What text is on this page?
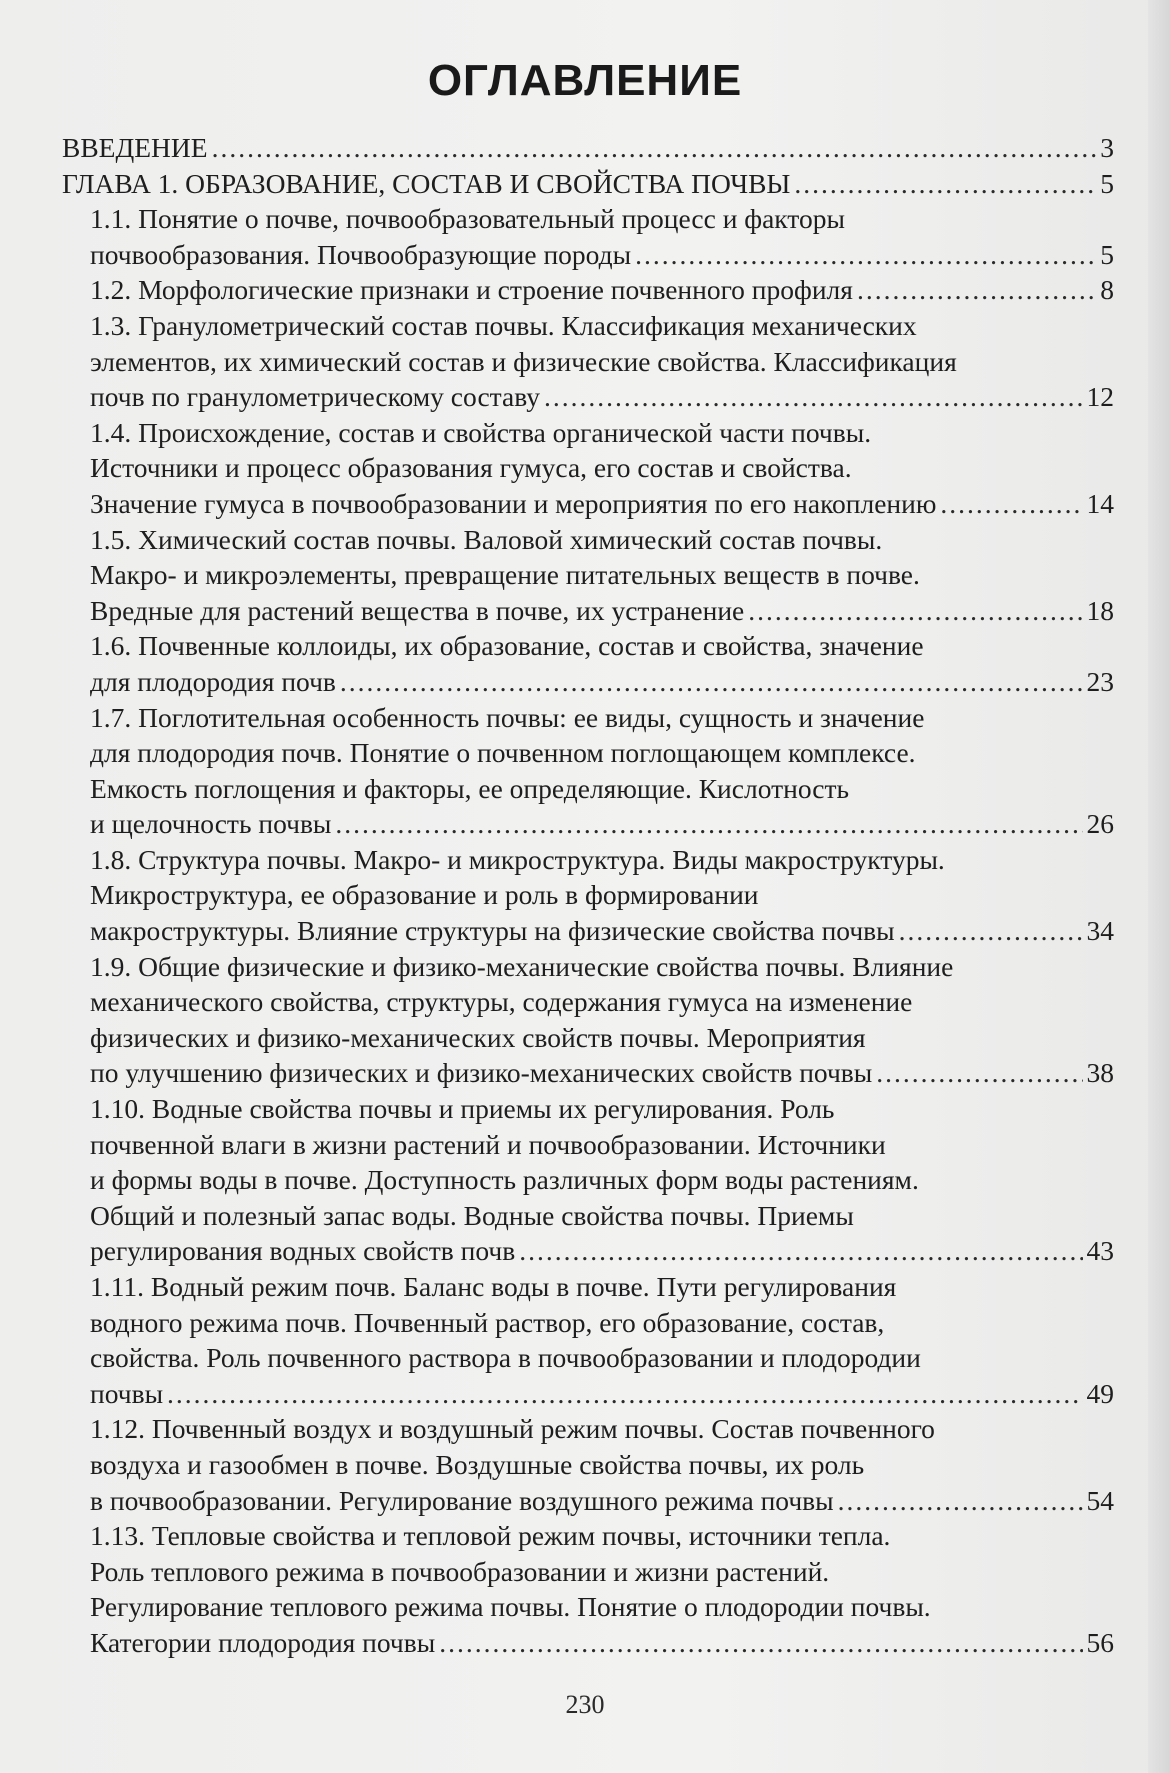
ОГЛАВЛЕНИЕ
ВВЕДЕНИЕ .....	3
ГЛАВА 1. ОБРАЗОВАНИЕ, СОСТАВ И СВОЙСТВА ПОЧВЫ .....	5
1.1. Понятие о почве, почвообразовательный процесс и факторы
почвообразования. Почвообразующие породы .....	5
1.2. Морфологические признаки и строение почвенного профиля .....	8
1.3. Гранулометрический состав почвы. Классификация механических
элементов, их химический состав и физические свойства. Классификация
почв по гранулометрическому составу .....	12
1.4. Происхождение, состав и свойства органической части почвы.
Источники и процесс образования гумуса, его состав и свойства.
Значение гумуса в почвообразовании и мероприятия по его накоплению .....	14
1.5. Химический состав почвы. Валовой химический состав почвы.
Макро- и микроэлементы, превращение питательных веществ в почве.
Вредные для растений вещества в почве, их устранение .....	18
1.6. Почвенные коллоиды, их образование, состав и свойства, значение
для плодородия почв .....	23
1.7. Поглотительная особенность почвы: ее виды, сущность и значение
для плодородия почв. Понятие о почвенном поглощающем комплексе.
Емкость поглощения и факторы, ее определяющие. Кислотность
и щелочность почвы .....	26
1.8. Структура почвы. Макро- и микроструктура. Виды макроструктуры.
Микроструктура, ее образование и роль в формировании
макроструктуры. Влияние структуры на физические свойства почвы .....	34
1.9. Общие физические и физико-механические свойства почвы. Влияние
механического свойства, структуры, содержания гумуса на изменение
физических и физико-механических свойств почвы. Мероприятия
по улучшению физических и физико-механических свойств почвы .....	38
1.10. Водные свойства почвы и приемы их регулирования. Роль
почвенной влаги в жизни растений и почвообразовании. Источники
и формы воды в почве. Доступность различных форм воды растениям.
Общий и полезный запас воды. Водные свойства почвы. Приемы
регулирования водных свойств почв .....	43
1.11. Водный режим почв. Баланс воды в почве. Пути регулирования
водного режима почв. Почвенный раствор, его образование, состав,
свойства. Роль почвенного раствора в почвообразовании и плодородии
почвы .....	49
1.12. Почвенный воздух и воздушный режим почвы. Состав почвенного
воздуха и газообмен в почве. Воздушные свойства почвы, их роль
в почвообразовании. Регулирование воздушного режима почвы .....	54
1.13. Тепловые свойства и тепловой режим почвы, источники тепла.
Роль теплового режима в почвообразовании и жизни растений.
Регулирование теплового режима почвы. Понятие о плодородии почвы.
Категории плодородия почвы .....	56
230
